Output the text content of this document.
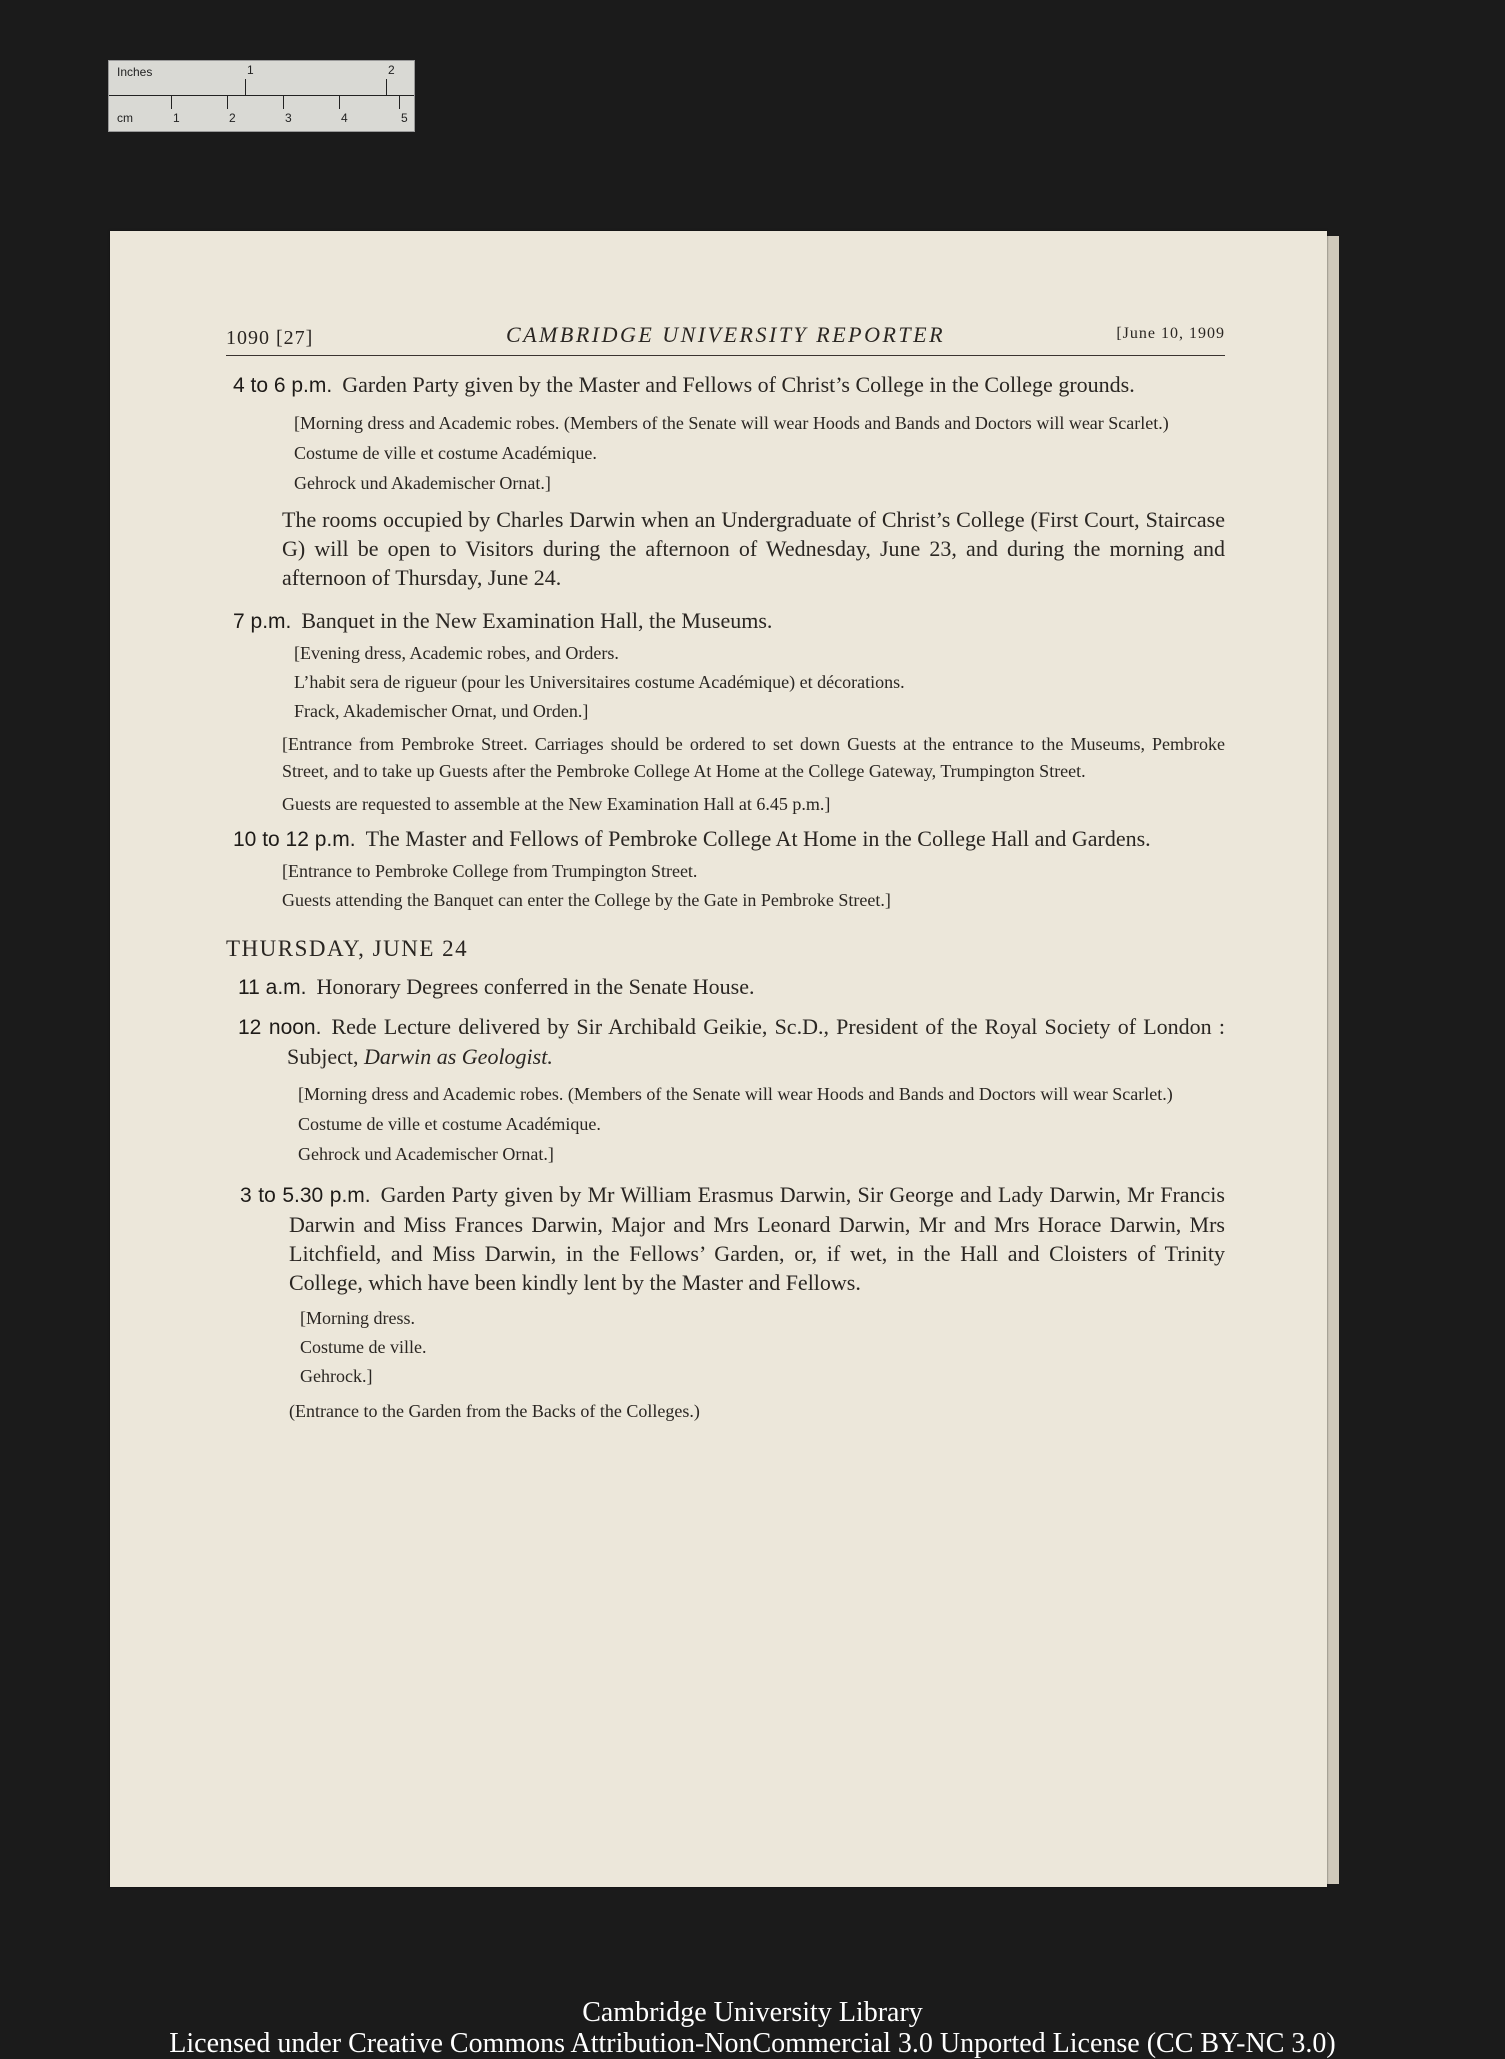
Inches	1	2
cm	1	2	3	4	5
1090 [27]	CAMBRIDGE UNIVERSITY REPORTER	[June 10, 1909

4 to 6 p.m. Garden Party given by the Master and Fellows of Christ’s College in the College grounds.

[Morning dress and Academic robes. (Members of the Senate will wear Hoods and Bands and Doctors will wear Scarlet.)

Costume de ville et costume Académique.

Gehrock und Akademischer Ornat.]

The rooms occupied by Charles Darwin when an Undergraduate of Christ’s College (First Court, Staircase G) will be open to Visitors during the afternoon of Wednesday, June 23, and during the morning and afternoon of Thursday, June 24.

7 p.m. Banquet in the New Examination Hall, the Museums.

[Evening dress, Academic robes, and Orders.

L’habit sera de rigueur (pour les Universitaires costume Académique) et décorations.

Frack, Akademischer Ornat, und Orden.]

[Entrance from Pembroke Street. Carriages should be ordered to set down Guests at the entrance to the Museums, Pembroke Street, and to take up Guests after the Pembroke College At Home at the College Gateway, Trumpington Street.

Guests are requested to assemble at the New Examination Hall at 6.45 p.m.]

10 to 12 p.m. The Master and Fellows of Pembroke College At Home in the College Hall and Gardens.

[Entrance to Pembroke College from Trumpington Street.

Guests attending the Banquet can enter the College by the Gate in Pembroke Street.]

THURSDAY, JUNE 24

11 a.m. Honorary Degrees conferred in the Senate House.

12 noon. Rede Lecture delivered by Sir Archibald Geikie, Sc.D., President of the Royal Society of London : Subject, Darwin as Geologist.

[Morning dress and Academic robes. (Members of the Senate will wear Hoods and Bands and Doctors will wear Scarlet.)

Costume de ville et costume Académique.

Gehrock und Academischer Ornat.]

3 to 5.30 p.m. Garden Party given by Mr William Erasmus Darwin, Sir George and Lady Darwin, Mr Francis Darwin and Miss Frances Darwin, Major and Mrs Leonard Darwin, Mr and Mrs Horace Darwin, Mrs Litchfield, and Miss Darwin, in the Fellows’ Garden, or, if wet, in the Hall and Cloisters of Trinity College, which have been kindly lent by the Master and Fellows.

[Morning dress.

Costume de ville.

Gehrock.]

(Entrance to the Garden from the Backs of the Colleges.)

Cambridge University Library
Licensed under Creative Commons Attribution-NonCommercial 3.0 Unported License (CC BY-NC 3.0)
